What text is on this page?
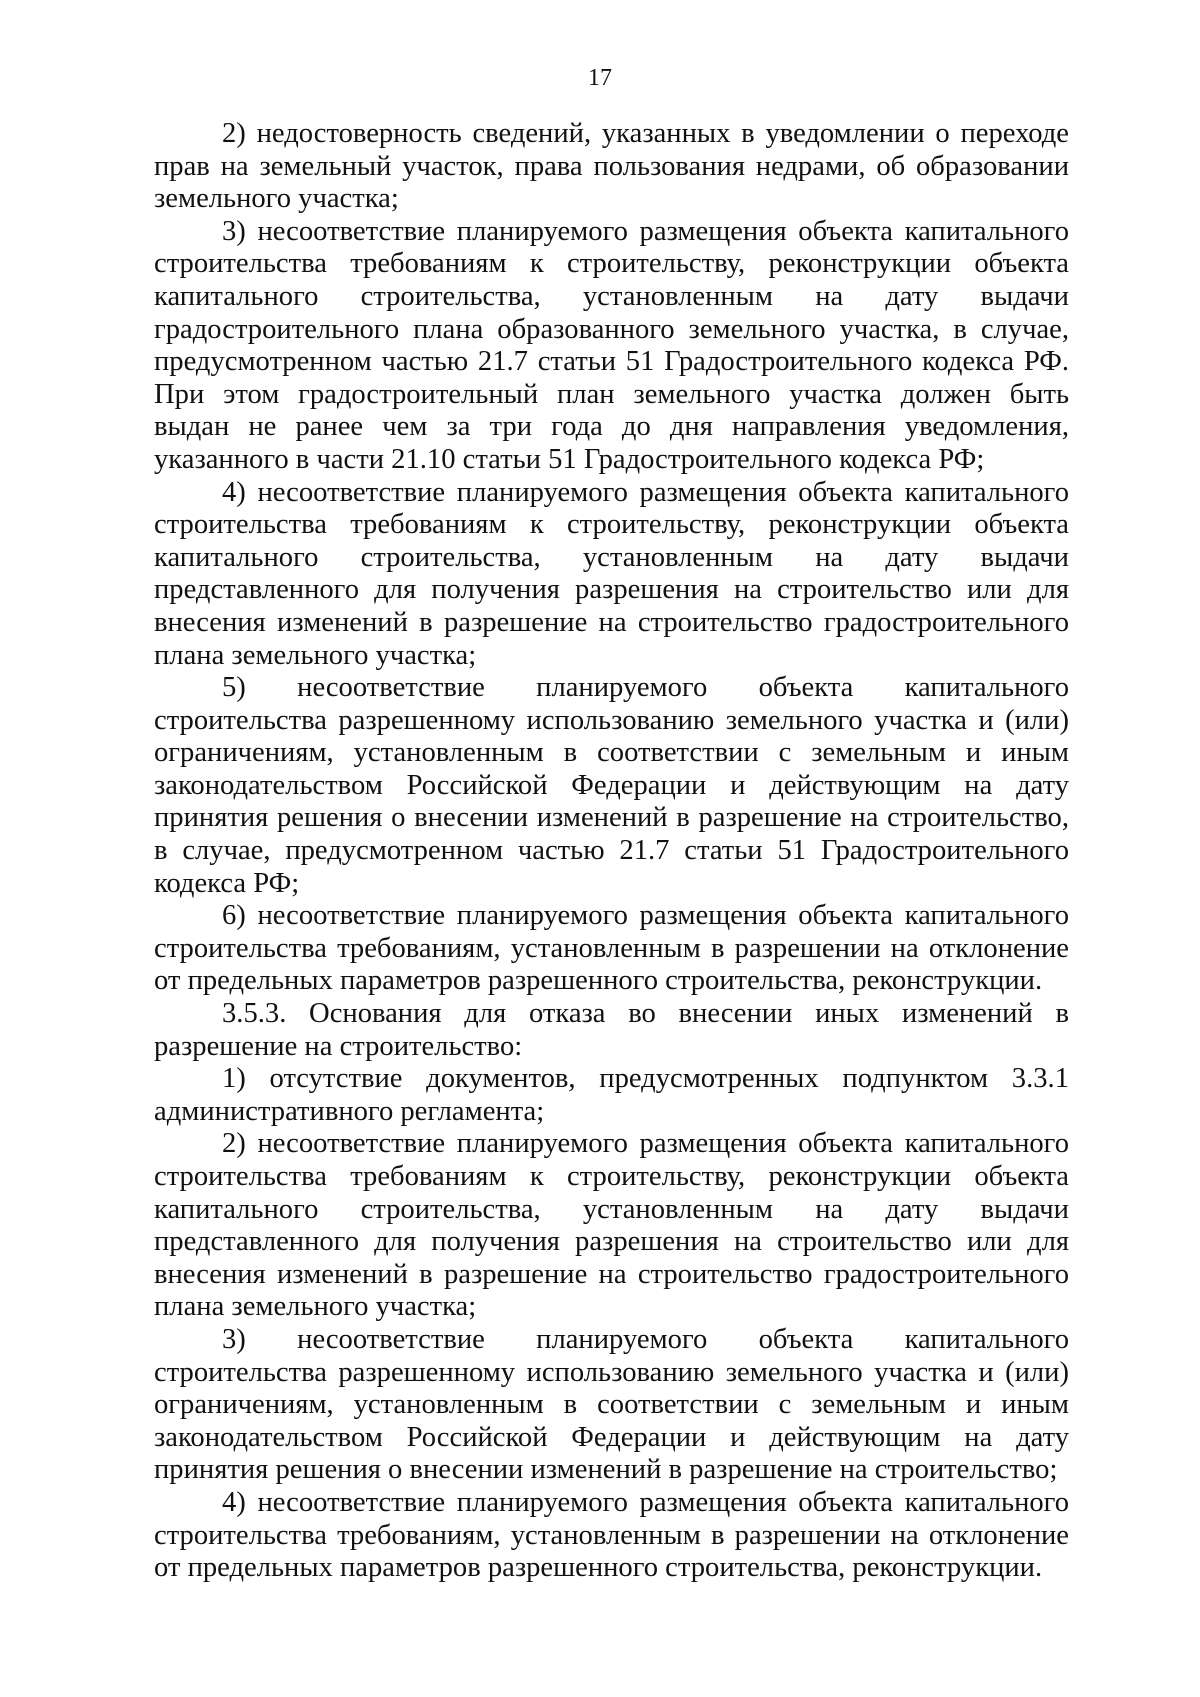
17

2) недостоверность сведений, указанных в уведомлении о переходе прав на земельный участок, права пользования недрами, об образовании земельного участка;

3) несоответствие планируемого размещения объекта капитального строительства требованиям к строительству, реконструкции объекта капитального строительства, установленным на дату выдачи градостроительного плана образованного земельного участка, в случае, предусмотренном частью 21.7 статьи 51 Градостроительного кодекса РФ. При этом градостроительный план земельного участка должен быть выдан не ранее чем за три года до дня направления уведомления, указанного в части 21.10 статьи 51 Градостроительного кодекса РФ;

4) несоответствие планируемого размещения объекта капитального строительства требованиям к строительству, реконструкции объекта капитального строительства, установленным на дату выдачи представленного для получения разрешения на строительство или для внесения изменений в разрешение на строительство градостроительного плана земельного участка;

5) несоответствие планируемого объекта капитального строительства разрешенному использованию земельного участка и (или) ограничениям, установленным в соответствии с земельным и иным законодательством Российской Федерации и действующим на дату принятия решения о внесении изменений в разрешение на строительство, в случае, предусмотренном частью 21.7 статьи 51 Градостроительного кодекса РФ;

6) несоответствие планируемого размещения объекта капитального строительства требованиям, установленным в разрешении на отклонение от предельных параметров разрешенного строительства, реконструкции.

3.5.3. Основания для отказа во внесении иных изменений в разрешение на строительство:

1) отсутствие документов, предусмотренных подпунктом 3.3.1 административного регламента;

2) несоответствие планируемого размещения объекта капитального строительства требованиям к строительству, реконструкции объекта капитального строительства, установленным на дату выдачи представленного для получения разрешения на строительство или для внесения изменений в разрешение на строительство градостроительного плана земельного участка;

3) несоответствие планируемого объекта капитального строительства разрешенному использованию земельного участка и (или) ограничениям, установленным в соответствии с земельным и иным законодательством Российской Федерации и действующим на дату принятия решения о внесении изменений в разрешение на строительство;

4) несоответствие планируемого размещения объекта капитального строительства требованиям, установленным в разрешении на отклонение от предельных параметров разрешенного строительства, реконструкции.
